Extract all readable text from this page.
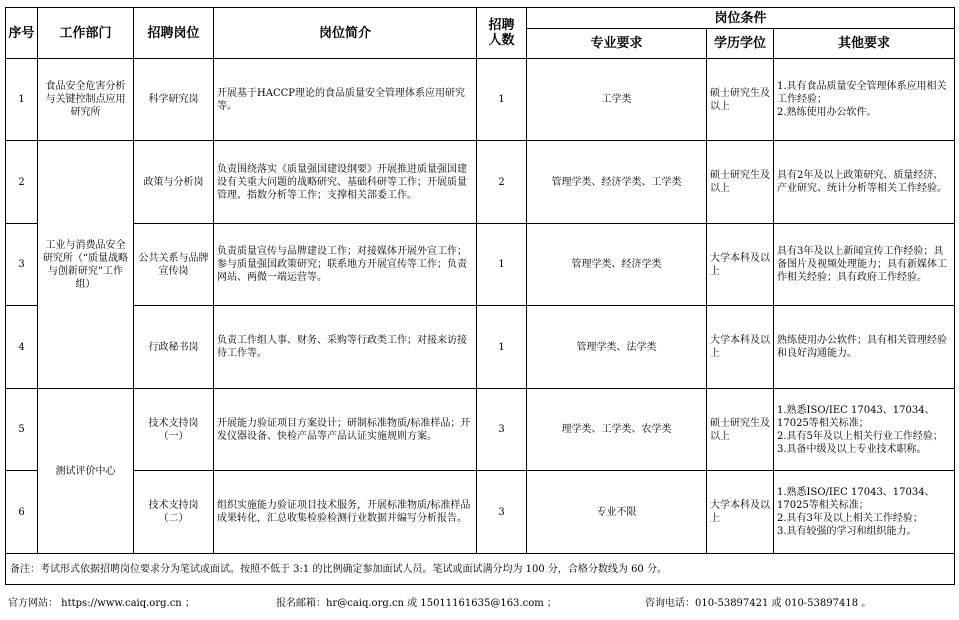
序号	工作部门	招聘岗位	岗位简介	招聘人数	岗位条件		
					专业要求	学历学位	其他要求
1	食品安全危害分析与关键控制点应用研究所	科学研究岗	开展基于HACCP理论的食品质量安全管理体系应用研究等。	1	工学类	硕士研究生及以上	1.具有食品质量安全管理体系应用相关工作经验；
2.熟练使用办公软件。
2	工业与消费品安全研究所（“质量战略与创新研究”工作组）	政策与分析岗	负责围绕落实《质量强国建设纲要》开展推进质量强国建设有关重大问题的战略研究、基础科研等工作；开展质量管理、指数分析等工作；支撑相关部委工作。	2	管理学类、经济学类、工学类	硕士研究生及以上	具有2年及以上政策研究、质量经济、产业研究、统计分析等相关工作经验。
3		公共关系与品牌宣传岗	负责质量宣传与品牌建设工作；对接媒体开展外宣工作；参与质量强国政策研究；联系地方开展宣传等工作；负责网站、两微一端运营等。	1	管理学类、经济学类	大学本科及以上	具有3年及以上新闻宣传工作经验；具备图片及视频处理能力；具有新媒体工作相关经验；具有政府工作经验。
4		行政秘书岗	负责工作组人事、财务、采购等行政类工作；对接来访接待工作等。	1	管理学类、法学类	大学本科及以上	熟练使用办公软件；具有相关管理经验和良好沟通能力。
5	测试评价中心	技术支持岗（一）	开展能力验证项目方案设计；研制标准物质/标准样品；开发仪器设备、快检产品等产品认证实施规则方案。	3	理学类、工学类、农学类	硕士研究生及以上	1.熟悉ISO/IEC 17043、17034、17025等相关标准；
2.具有5年及以上相关行业工作经验；
3.具备中级及以上专业技术职称。
6		技术支持岗（二）	组织实施能力验证项目技术服务，开展标准物质/标准样品成果转化，汇总收集检验检测行业数据并编写分析报告。	3	专业不限	大学本科及以上	1.熟悉ISO/IEC 17043、17034、17025等相关标准；
2.具有3年及以上相关工作经验；
3.具有较强的学习和组织能力。
备注：考试形式依据招聘岗位要求分为笔试或面试。按照不低于 3:1 的比例确定参加面试人员。笔试或面试满分均为 100 分，合格分数线为 60 分。							
官方网站： https://www.caiq.org.cn ；	报名邮箱：hr@caiq.org.cn 或 15011161635@163.com ；	咨询电话：010-53897421 或 010-53897418 。
